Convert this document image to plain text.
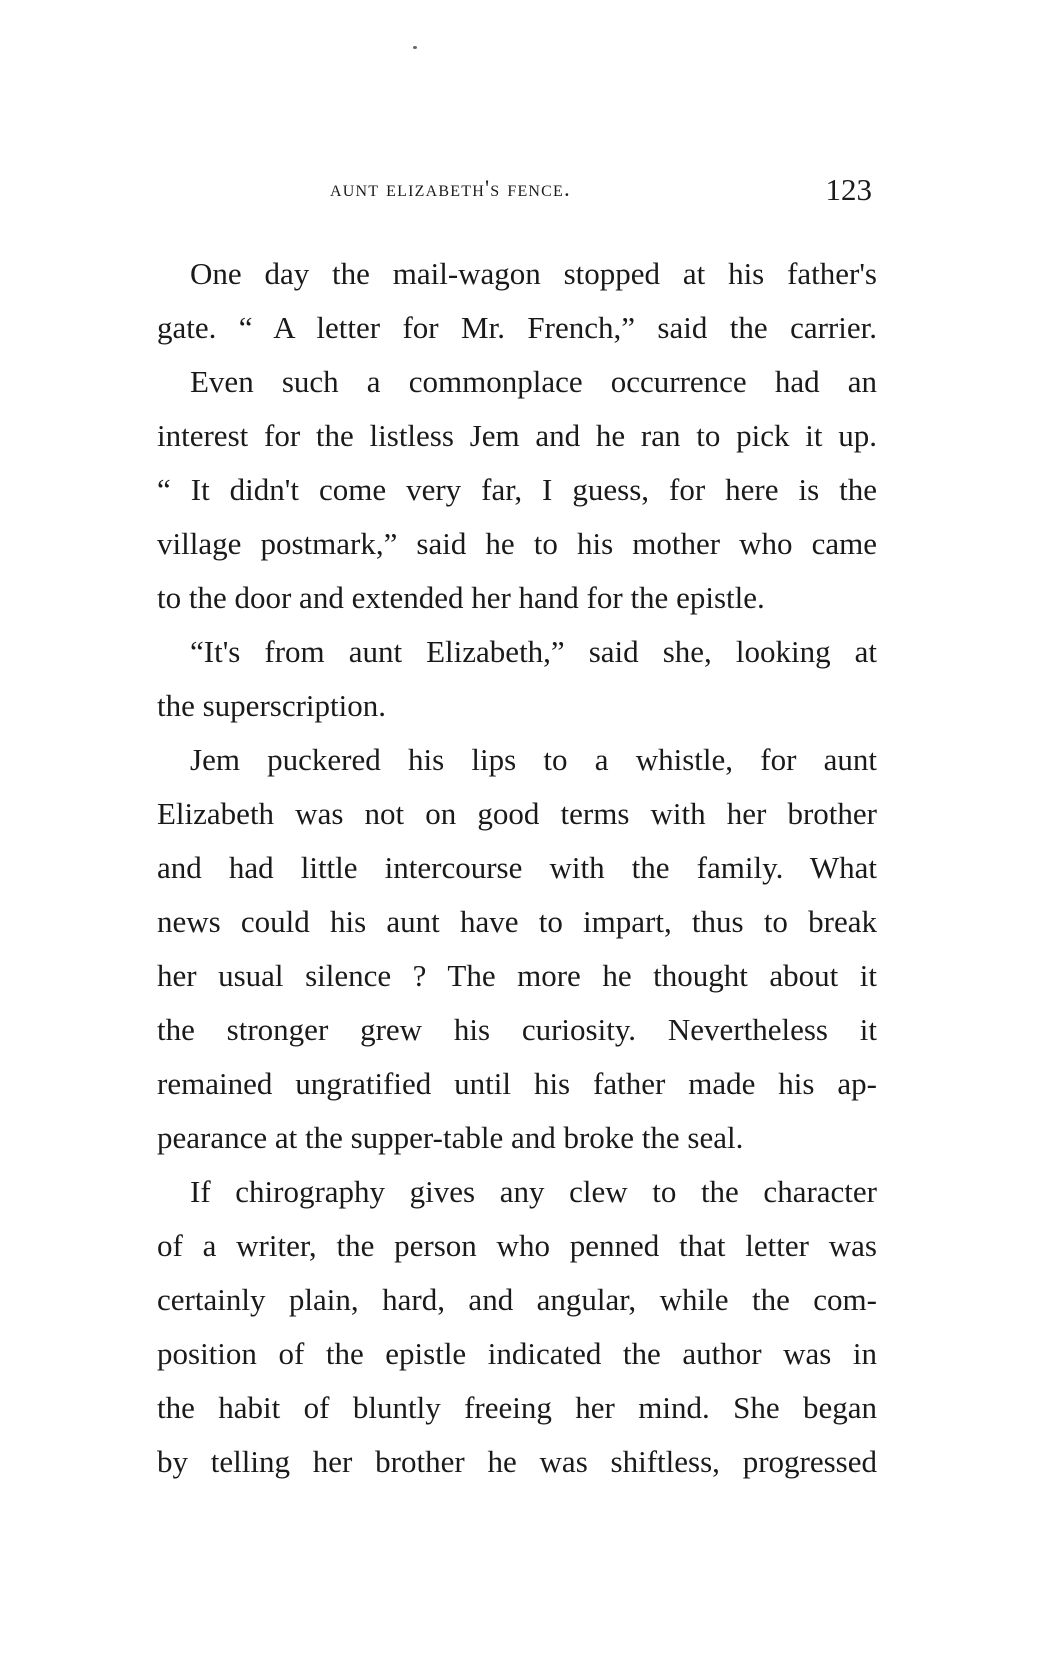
aunt elizabeth's fence.	123
One day the mail-wagon stopped at his father's
gate. “ A letter for Mr. French,” said the carrier.
Even such a commonplace occurrence had an
interest for the listless Jem and he ran to pick it up.
“ It didn't come very far, I guess, for here is the
village postmark,” said he to his mother who came
to the door and extended her hand for the epistle.
“It's from aunt Elizabeth,” said she, looking at
the superscription.
Jem puckered his lips to a whistle, for aunt
Elizabeth was not on good terms with her brother
and had little intercourse with the family. What
news could his aunt have to impart, thus to break
her usual silence ? The more he thought about it
the stronger grew his curiosity. Nevertheless it
remained ungratified until his father made his ap-
pearance at the supper-table and broke the seal.
If chirography gives any clew to the character
of a writer, the person who penned that letter was
certainly plain, hard, and angular, while the com-
position of the epistle indicated the author was in
the habit of bluntly freeing her mind. She began
by telling her brother he was shiftless, progressed
